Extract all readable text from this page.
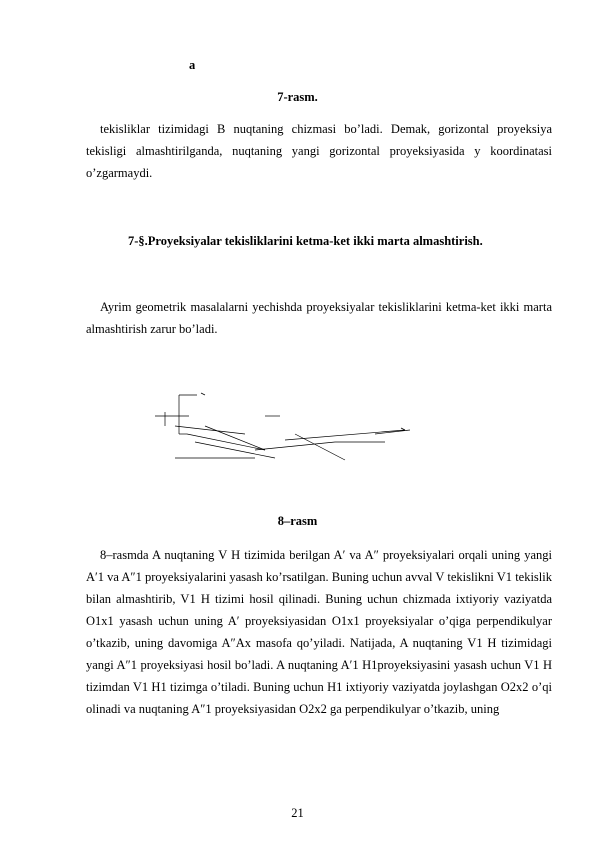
a
7-rasm.

tekisliklar tizimidagi B nuqtaning chizmasi bo’ladi. Demak, gorizontal proyeksiya tekisligi almashtirilganda, nuqtaning yangi gorizontal proyeksiyasida y koordinatasi o’zgarmaydi.

7-§.Proyeksiyalar tekisliklarini ketma-ket ikki marta almashtirish.

Ayrim geometrik masalalarni yechishda proyeksiyalar tekisliklarini ketma-ket ikki marta almashtirish zarur bo’ladi.

8–rasm

8–rasmda A nuqtaning V H tizimida berilgan A′ va A″ proyeksiyalari orqali uning yangi A′1 va A″1 proyeksiyalarini yasash ko’rsatilgan. Buning uchun avval V tekislikni V1 tekislik bilan almashtirib, V1 H tizimi hosil qilinadi. Buning uchun chizmada ixtiyoriy vaziyatda O1x1 yasash uchun uning A′ proyeksiyasidan O1x1 proyeksiyalar o’qiga perpendikulyar o’tkazib, uning davomiga A″Ax masofa qo’yiladi. Natijada, A nuqtaning V1 H tizimidagi yangi A″1 proyeksiyasi hosil bo’ladi. A nuqtaning A′1 H1proyeksiyasini yasash uchun V1 H tizimdan V1 H1 tizimga o’tiladi. Buning uchun H1 ixtiyoriy vaziyatda joylashgan O2x2 o’qi olinadi va nuqtaning A″1 proyeksiyasidan O2x2 ga perpendikulyar o’tkazib, uning

21
